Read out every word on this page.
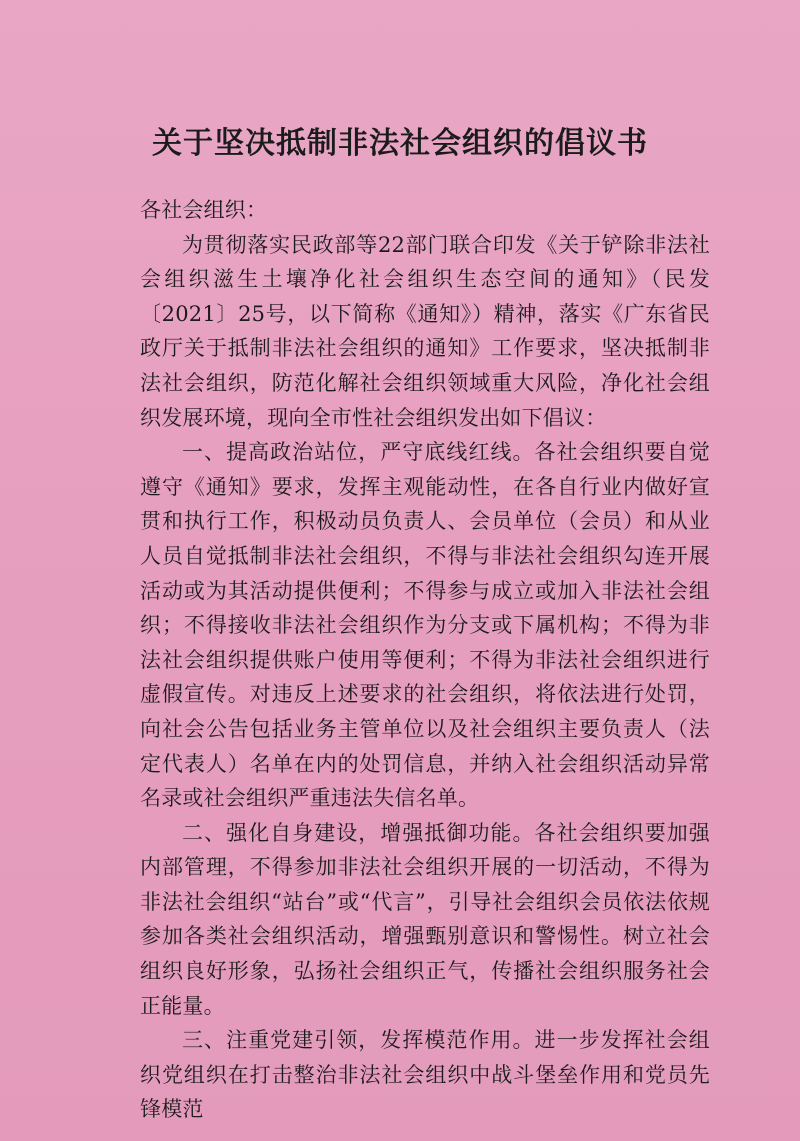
关于坚决抵制非法社会组织的倡议书

各社会组织：

为贯彻落实民政部等22部门联合印发《关于铲除非法社会组织滋生土壤净化社会组织生态空间的通知》（民发〔2021〕25号，以下简称《通知》）精神，落实《广东省民政厅关于抵制非法社会组织的通知》工作要求，坚决抵制非法社会组织，防范化解社会组织领域重大风险，净化社会组织发展环境，现向全市性社会组织发出如下倡议：

一、提高政治站位，严守底线红线。各社会组织要自觉遵守《通知》要求，发挥主观能动性，在各自行业内做好宣贯和执行工作，积极动员负责人、会员单位（会员）和从业人员自觉抵制非法社会组织，不得与非法社会组织勾连开展活动或为其活动提供便利；不得参与成立或加入非法社会组织；不得接收非法社会组织作为分支或下属机构；不得为非法社会组织提供账户使用等便利；不得为非法社会组织进行虚假宣传。对违反上述要求的社会组织，将依法进行处罚，向社会公告包括业务主管单位以及社会组织主要负责人（法定代表人）名单在内的处罚信息，并纳入社会组织活动异常名录或社会组织严重违法失信名单。

二、强化自身建设，增强抵御功能。各社会组织要加强内部管理，不得参加非法社会组织开展的一切活动，不得为非法社会组织“站台”或“代言”，引导社会组织会员依法依规参加各类社会组织活动，增强甄别意识和警惕性。树立社会组织良好形象，弘扬社会组织正气，传播社会组织服务社会正能量。

三、注重党建引领，发挥模范作用。进一步发挥社会组织党组织在打击整治非法社会组织中战斗堡垒作用和党员先锋模范
